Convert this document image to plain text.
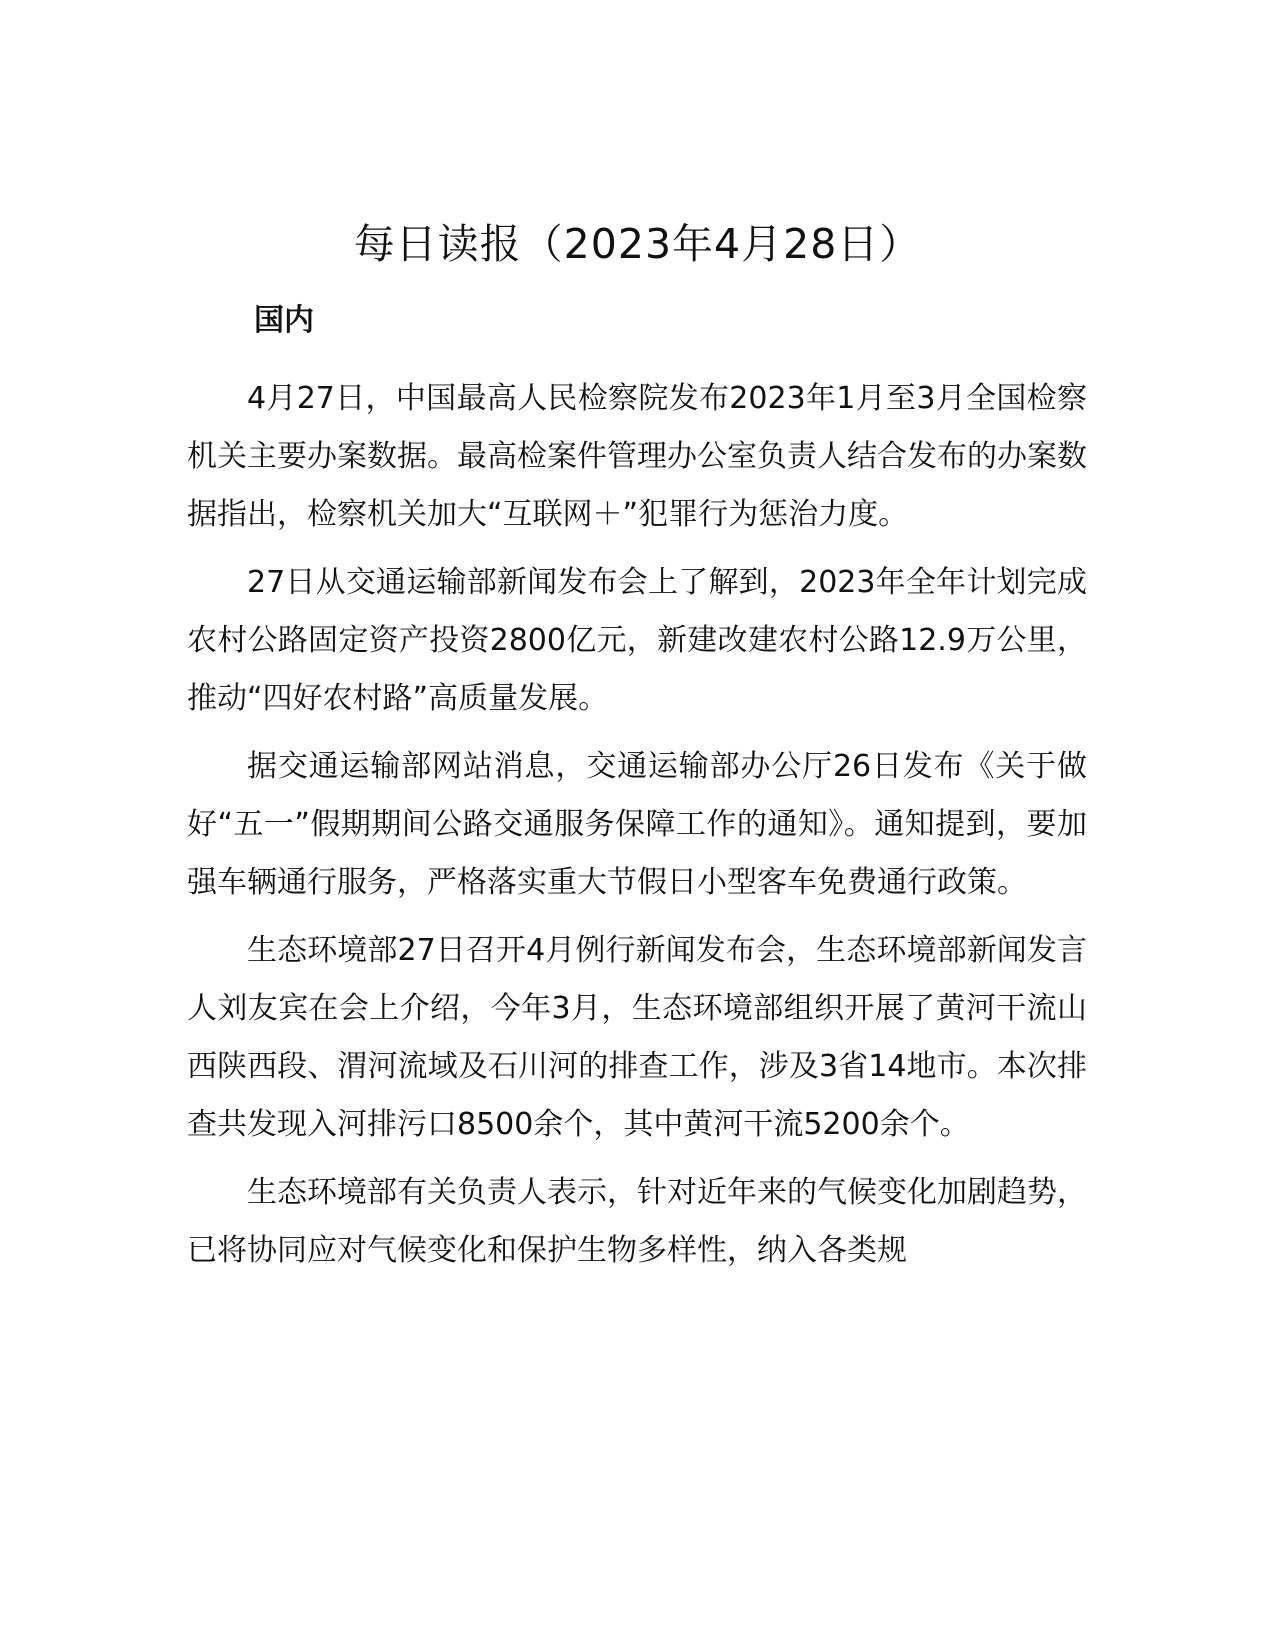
每日读报（2023年4月28日）
国内

4月27日，中国最高人民检察院发布2023年1月至3月全国检察机关主要办案数据。最高检案件管理办公室负责人结合发布的办案数据指出，检察机关加大“互联网＋”犯罪行为惩治力度。

27日从交通运输部新闻发布会上了解到，2023年全年计划完成农村公路固定资产投资2800亿元，新建改建农村公路12.9万公里，推动“四好农村路”高质量发展。

据交通运输部网站消息，交通运输部办公厅26日发布《关于做好“五一”假期期间公路交通服务保障工作的通知》。通知提到，要加强车辆通行服务，严格落实重大节假日小型客车免费通行政策。

生态环境部27日召开4月例行新闻发布会，生态环境部新闻发言人刘友宾在会上介绍，今年3月，生态环境部组织开展了黄河干流山西陕西段、渭河流域及石川河的排查工作，涉及3省14地市。本次排查共发现入河排污口8500余个，其中黄河干流5200余个。

生态环境部有关负责人表示，针对近年来的气候变化加剧趋势，已将协同应对气候变化和保护生物多样性，纳入各类规
